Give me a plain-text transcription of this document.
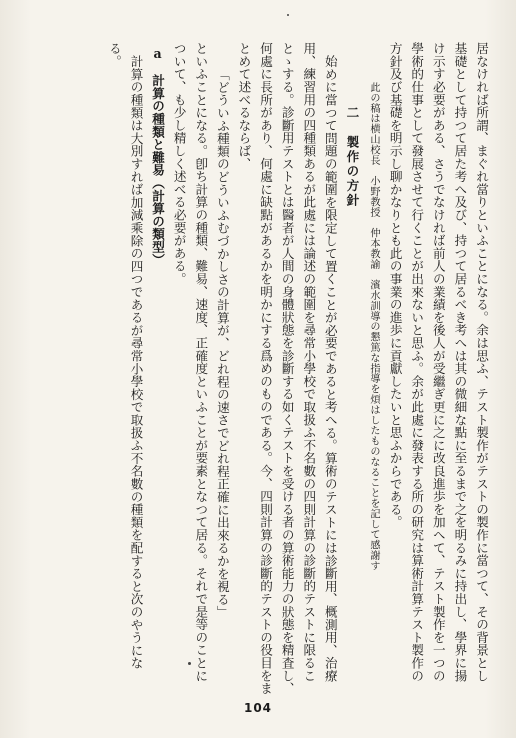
居なければ所謂、まぐれ當りといふことになる。余は思ふ、テスト製作がテストの製作に當つて、その背景とし
基礎として持つて居た考へ及び、持つて居るべき考へは其の微細な點に至るまで之を明るみに持出し、學界に揚
け示す必要がある、さうでなければ前人の業績を後人が受繼ぎ更に之に改良進歩を加へて、テスト製作を一つの
學術的仕事として發展させて行くことが出來ないと思ふ。余が此處に發表する所の研究は算術計算テスト製作の
方針及び基礎を明示し聊かなりとも此の事業の進歩に貢獻したいと思ふからである。
此の稿は横山校長　小野教授　仲本教諭　濱水訓導の懇篤な指導を煩はしたものなることを記して感謝す
二　製作の方針
始めに當つて問題の範圍を限定して置くことが必要であると考へる。算術のテストには診斷用、概測用、治療
用、練習用の四種類あるが此處には論述の範圍を尋常小學校で取扱ふ不名數の四則計算の診斷的テストに限るこ
とゝする。診斷用テストとは醫者が人間の身體狀態を診斷する如くテストを受ける者の算術能力の狀態を精査し、
何處に長所があり、何處に缺點があるかを明かにする爲めのものである。今、四則計算の診斷的テストの役目をま
とめて述べるならば、
「どういふ種類のどういふむづかしさの計算が、どれ程の速さでどれ程正確に出來るかを視る」
といふことになる。卽ち計算の種類、難易、速度、正確度といふことが要素となつて居る。それで是等のことに
ついて、も少し精しく述べる必要がある。
a　計算の種類と難易（計算の類型）
計算の種類は大別すれば加減乘除の四つであるが尋常小學校で取扱ふ不名數の種類を配すると次のやうにな
る。
104
